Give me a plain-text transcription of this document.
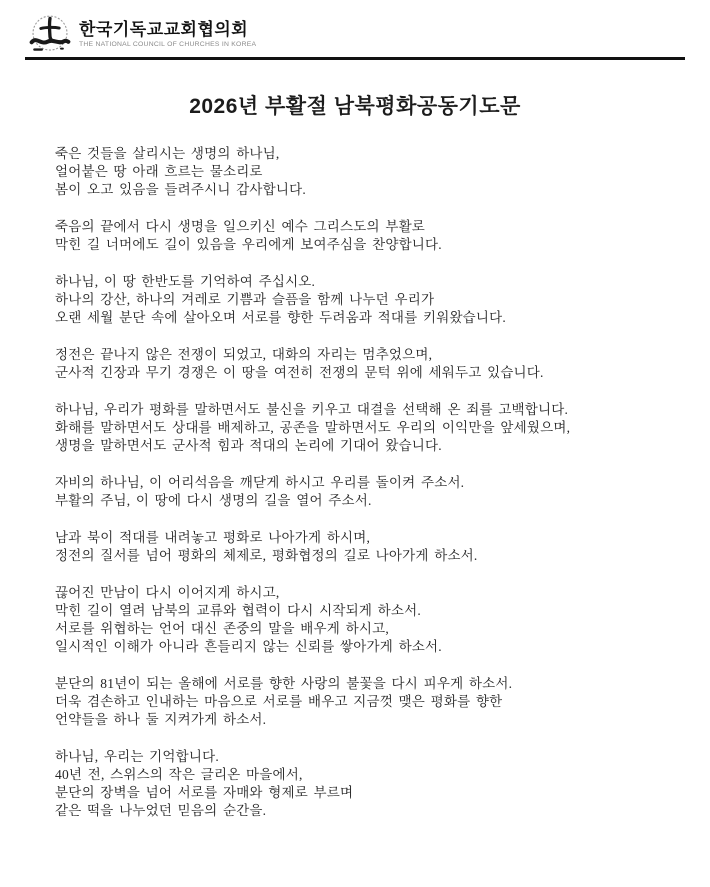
한국기독교교회협의회
THE NATIONAL COUNCIL OF CHURCHES IN KOREA
2026년 부활절 남북평화공동기도문

죽은 것들을 살리시는 생명의 하나님,
얼어붙은 땅 아래 흐르는 물소리로
봄이 오고 있음을 들려주시니 감사합니다.

죽음의 끝에서 다시 생명을 일으키신 예수 그리스도의 부활로
막힌 길 너머에도 길이 있음을 우리에게 보여주심을 찬양합니다.

하나님, 이 땅 한반도를 기억하여 주십시오.
하나의 강산, 하나의 겨레로 기쁨과 슬픔을 함께 나누던 우리가
오랜 세월 분단 속에 살아오며 서로를 향한 두려움과 적대를 키워왔습니다.

정전은 끝나지 않은 전쟁이 되었고, 대화의 자리는 멈추었으며,
군사적 긴장과 무기 경쟁은 이 땅을 여전히 전쟁의 문턱 위에 세워두고 있습니다.

하나님, 우리가 평화를 말하면서도 불신을 키우고 대결을 선택해 온 죄를 고백합니다.
화해를 말하면서도 상대를 배제하고, 공존을 말하면서도 우리의 이익만을 앞세웠으며,
생명을 말하면서도 군사적 힘과 적대의 논리에 기대어 왔습니다.

자비의 하나님, 이 어리석음을 깨닫게 하시고 우리를 돌이켜 주소서.
부활의 주님, 이 땅에 다시 생명의 길을 열어 주소서.

남과 북이 적대를 내려놓고 평화로 나아가게 하시며,
정전의 질서를 넘어 평화의 체제로, 평화협정의 길로 나아가게 하소서.

끊어진 만남이 다시 이어지게 하시고,
막힌 길이 열려 남북의 교류와 협력이 다시 시작되게 하소서.
서로를 위협하는 언어 대신 존중의 말을 배우게 하시고,
일시적인 이해가 아니라 흔들리지 않는 신뢰를 쌓아가게 하소서.

분단의 81년이 되는 올해에 서로를 향한 사랑의 불꽃을 다시 피우게 하소서.
더욱 겸손하고 인내하는 마음으로 서로를 배우고 지금껏 맺은 평화를 향한
언약들을 하나 둘 지켜가게 하소서.

하나님, 우리는 기억합니다.
40년 전, 스위스의 작은 글리온 마을에서,
분단의 장벽을 넘어 서로를 자매와 형제로 부르며
같은 떡을 나누었던 믿음의 순간을.
